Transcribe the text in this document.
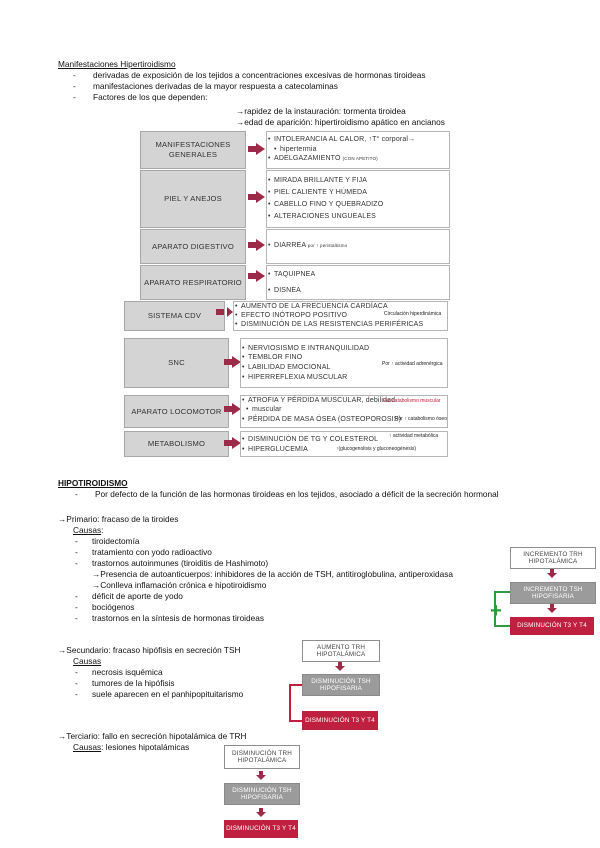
Manifestaciones Hipertiroidismo
- derivadas de exposición de los tejidos a concentraciones excesivas de hormonas tiroideas
- manifestaciones derivadas de la mayor respuesta a catecolaminas
- Factores de los que dependen:
→rapidez de la instauración: tormenta tiroidea
→edad de aparición: hipertiroidismo apático en ancianos
MANIFESTACIONES GENERALES
• INTOLERANCIA AL CALOR, ↑T° corporal→
• hipertermia
• ADELGAZAMIENTO (CON APETITO)
PIEL Y ANEJOS
• MIRADA BRILLANTE Y FIJA
• PIEL CALIENTE Y HÚMEDA
• CABELLO FINO Y QUEBRADIZO
• ALTERACIONES UNGUEALES
APARATO DIGESTIVO	• DIARREA por ↑ peristaltismo
APARATO RESPIRATORIO
• TAQUIPNEA
• DISNEA
SISTEMA CDV
• AUMENTO DE LA FRECUENCIA CARDÍACA
• EFECTO INÓTROPO POSITIVO
• DISMINUCIÓN DE LAS RESISTENCIAS PERIFÉRICAS
Circulación hiperdinámica
SNC
• NERVIOSISMO E INTRANQUILIDAD
• TEMBLOR FINO
• LABILIDAD EMOCIONAL
• HIPERREFLEXIA MUSCULAR
Por ↑ actividad adrenérgica
APARATO LOCOMOTOR
• ATROFIA Y PÉRDIDA MUSCULAR, debilidad
• muscular
• PÉRDIDA DE MASA ÓSEA (OSTEOPOROSIS)
Por catabolismo muscular
Por ↑ catabolismo óseo
METABOLISMO	• DISMINUCIÓN DE TG Y COLESTEROL
• HIPERGLUCEMIA
↑ actividad metabólica
↑(glucogenolisis y gluconeogénesis)
HIPOTIROIDISMO
- Por defecto de la función de las hormonas tiroideas en los tejidos, asociado a déficit de la secreción hormonal
→Primario: fracaso de la tiroides
Causas:
- tiroidectomía
- tratamiento con yodo radioactivo
- trastornos autoinmunes (tiroiditis de Hashimoto)
→Presencia de autoanticuerpos: inhibidores de la acción de TSH, antitiroglobulina, antiperoxidasa
→Conlleva inflamación crónica e hipotiroidismo
- déficit de aporte de yodo
- bociógenos
- trastornos en la síntesis de hormonas tiroideas
INCREMENTO TRH HIPOTALÁMICA
INCREMENTO TSH HIPOFISARIA
DISMINUCIÓN T3 Y T4
+
→Secundario: fracaso hipófisis en secreción TSH
Causas
- necrosis isquémica
- tumores de la hipófisis
- suele aparecen en el panhipopituitarismo
AUMENTO TRH HIPOTALÁMICA
DISMINUCIÓN TSH HIPOFISARIA
DISMINUCIÓN T3 Y T4
→Terciario: fallo en secreción hipotalámica de TRH
Causas: lesiones hipotalámicas
DISMINUCIÓN TRH HIPOTALÁMICA
DISMINUCIÓN TSH HIPOFISARIA
DISMINUCIÓN T3 Y T4
